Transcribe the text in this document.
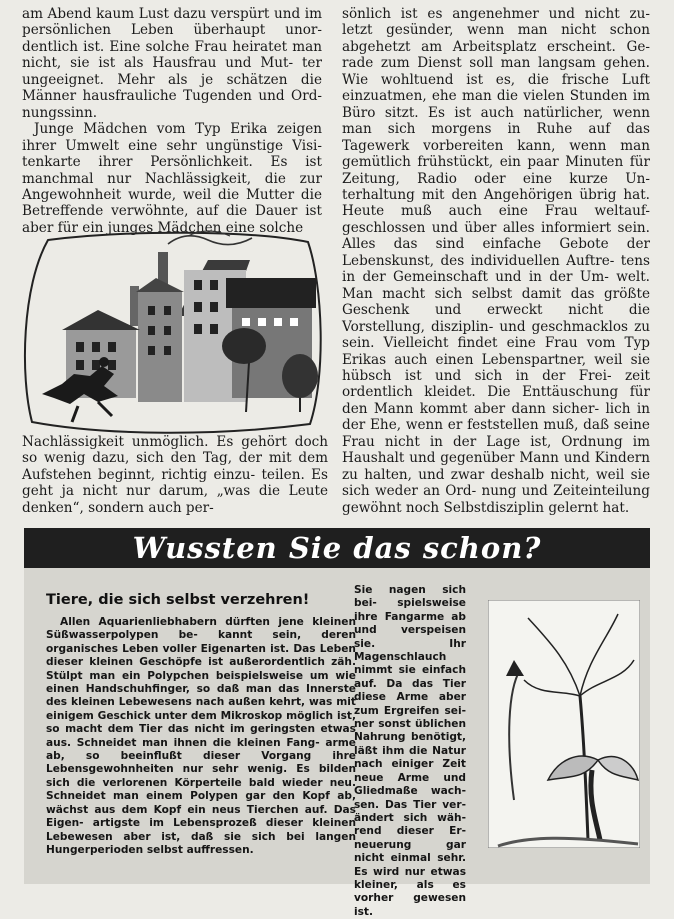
am Abend kaum Lust dazu verspürt und im persönlichen Leben überhaupt unor- dentlich ist. Eine solche Frau heiratet man nicht, sie ist als Hausfrau und Mut- ter ungeeignet. Mehr als je schätzen die Männer hausfrauliche Tugenden und Ord- nungssinn.

Junge Mädchen vom Typ Erika zeigen ihrer Umwelt eine sehr ungünstige Visi- tenkarte ihrer Persönlichkeit. Es ist manchmal nur Nachlässigkeit, die zur Angewohnheit wurde, weil die Mutter die Betreffende verwöhnte, auf die Dauer ist aber für ein junges Mädchen eine solche

Nachlässigkeit unmöglich. Es gehört doch so wenig dazu, sich den Tag, der mit dem Aufstehen beginnt, richtig einzu- teilen. Es geht ja nicht nur darum, „was die Leute denken“, sondern auch per-

sönlich ist es angenehmer und nicht zu- letzt gesünder, wenn man nicht schon abgehetzt am Arbeitsplatz erscheint. Ge- rade zum Dienst soll man langsam gehen. Wie wohltuend ist es, die frische Luft einzuatmen, ehe man die vielen Stunden im Büro sitzt. Es ist auch natürlicher, wenn man sich morgens in Ruhe auf das Tagewerk vorbereiten kann, wenn man gemütlich frühstückt, ein paar Minuten für Zeitung, Radio oder eine kurze Un- terhaltung mit den Angehörigen übrig hat. Heute muß auch eine Frau weltauf- geschlossen und über alles informiert sein. Alles das sind einfache Gebote der Lebenskunst, des individuellen Auftre- tens in der Gemeinschaft und in der Um- welt. Man macht sich selbst damit das größte Geschenk und erweckt nicht die Vorstellung, disziplin- und geschmacklos zu sein. Vielleicht findet eine Frau vom Typ Erikas auch einen Lebenspartner, weil sie hübsch ist und sich in der Frei- zeit ordentlich kleidet. Die Enttäuschung für den Mann kommt aber dann sicher- lich in der Ehe, wenn er feststellen muß, daß seine Frau nicht in der Lage ist, Ordnung im Haushalt und gegenüber Mann und Kindern zu halten, und zwar deshalb nicht, weil sie sich weder an Ord- nung und Zeiteinteilung gewöhnt noch Selbstdisziplin gelernt hat.

Wussten Sie das schon?
Tiere, die sich selbst verzehren!

Allen Aquarienliebhabern dürften jene kleinen Süßwasserpolypen be- kannt sein, deren organisches Leben voller Eigenarten ist. Das Leben dieser kleinen Geschöpfe ist außerordentlich zäh. Stülpt man ein Polypchen beispielsweise um wie einen Handschuhfinger, so daß man das Innerste des kleinen Lebewesens nach außen kehrt, was mit einigem Geschick unter dem Mikroskop möglich ist, so macht dem Tier das nicht im geringsten etwas aus. Schneidet man ihnen die kleinen Fang- arme ab, so beeinflußt dieser Vorgang ihre Lebensgewohnheiten nur sehr wenig. Es bilden sich die verlorenen Körperteile bald wieder neu. Schneidet man einem Polypen gar den Kopf ab, wächst aus dem Kopf ein neus Tierchen auf. Das Eigen- artigste im Lebensprozeß dieser kleinen Lebewesen aber ist, daß sie sich bei langen Hungerperioden selbst auffressen.

Sie nagen sich bei- spielsweise ihre Fangarme ab und verspeisen sie.	Ihr Magenschlauch nimmt sie einfach auf. Da das Tier diese Arme aber zum Ergreifen sei- ner sonst üblichen Nahrung benötigt, läßt ihm die Natur nach einiger Zeit neue Arme und Gliedmaße wach- sen. Das Tier ver- ändert sich wäh- rend dieser Er- neuerung gar nicht einmal sehr. Es wird nur etwas kleiner, als es vorher gewesen ist.
